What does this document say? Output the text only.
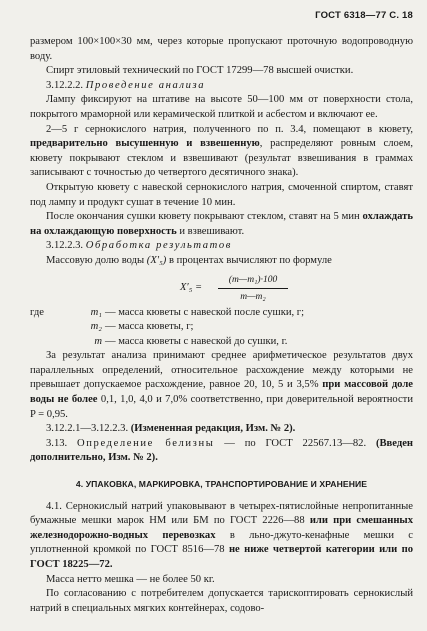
ГОСТ 6318—77 С. 18

размером 100×100×30 мм, через которые пропускают проточную водопроводную воду.

Спирт этиловый технический по ГОСТ 17299—78 высшей очистки.

3.12.2.2. Проведение анализа

Лампу фиксируют на штативе на высоте 50—100 мм от поверхности стола, покрытого мраморной или керамической плиткой и асбестом и включают ее.

2—5 г сернокислого натрия, полученного по п. 3.4, помещают в кювету, предварительно высушенную и взвешенную, распределяют ровным слоем, кювету покрывают стеклом и взвешивают (результат взвешивания в граммах записывают с точностью до четвертого десятичного знака).

Открытую кювету с навеской сернокислого натрия, смоченной спиртом, ставят под лампу и продукт сушат в течение 10 мин.

После окончания сушки кювету покрывают стеклом, ставят на 5 мин охлаждать на охлаждающую поверхность и взвешивают.

3.12.2.3. Обработка результатов

Массовую долю воды (X′₅) в процентах вычисляют по формуле

$X'_5 = \frac{\text{(m—m₁)·100}}{\text{m—m₂}}$
где	m₁ — масса кюветы с навеской после сушки, г;
m₂ — масса кюветы, г;
m — масса кюветы с навеской до сушки, г.

За результат анализа принимают среднее арифметическое результатов двух параллельных определений, относительное расхождение между которыми не превышает допускаемое расхождение, равное 20, 10, 5 и 3,5% при массовой доле воды не более 0,1, 1,0, 4,0 и 7,0% соответственно, при доверительной вероятности P = 0,95.

3.12.2.1—3.12.2.3. (Измененная редакция, Изм. № 2).

3.13. Определение белизны — по ГОСТ 22567.13—82. (Введен дополнительно, Изм. № 2).

4. УПАКОВКА, МАРКИРОВКА, ТРАНСПОРТИРОВАНИЕ И ХРАНЕНИЕ

4.1. Сернокислый натрий упаковывают в четырех-пятислойные непропитанные бумажные мешки марок НМ или БМ по ГОСТ 2226—88 или при смешанных железнодорожно-водных перевозках в льно-джуто-кенафные мешки с уплотненной кромкой по ГОСТ 8516—78 не ниже четвертой категории или по ГОСТ 18225—72.

Масса нетто мешка — не более 50 кг.

По согласованию с потребителем допускается тарископтировать сернокислый натрий в специальных мягких контейнерах, содово-
